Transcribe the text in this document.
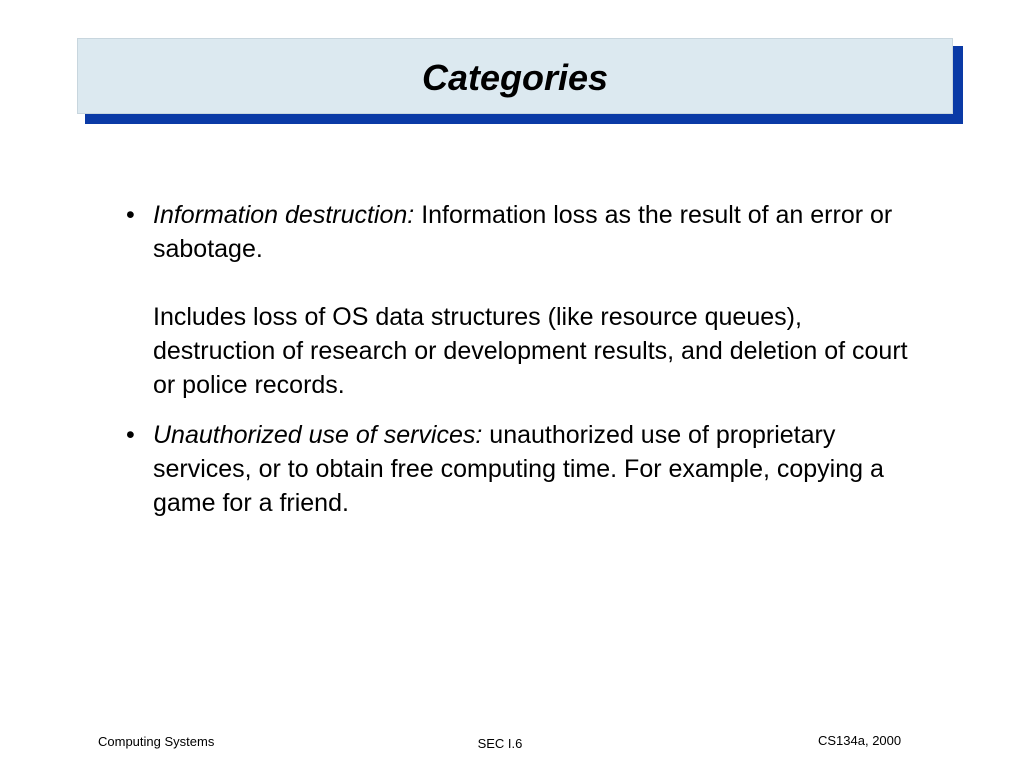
Categories
• Information destruction: Information loss as the result of an error or sabotage.
Includes loss of OS data structures (like resource queues), destruction of research or development results, and deletion of court or police records.
• Unauthorized use of services: unauthorized use of proprietary services, or to obtain free computing time. For example, copying a game for a friend.
Computing Systems	SEC I.6	CS134a, 2000
